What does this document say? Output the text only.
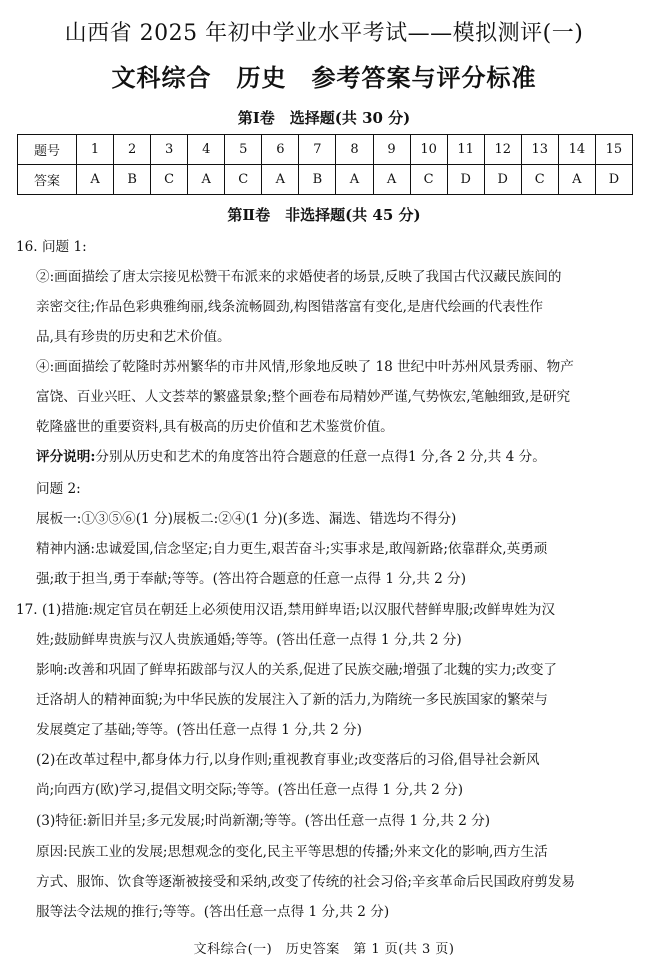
山西省 2025 年初中学业水平考试——模拟测评(一)
文科综合　历史　参考答案与评分标准
第Ⅰ卷　选择题(共 30 分)
题号	1	2	3	4	5	6	7	8	9	10	11	12	13	14	15
答案	A	B	C	A	C	A	B	A	A	C	D	D	C	A	D
第Ⅱ卷　非选择题(共 45 分)
16. 问题 1:
②:画面描绘了唐太宗接见松赞干布派来的求婚使者的场景,反映了我国古代汉藏民族间的
亲密交往;作品色彩典雅绚丽,线条流畅圆劲,构图错落富有变化,是唐代绘画的代表性作
品,具有珍贵的历史和艺术价值。
④:画面描绘了乾隆时苏州繁华的市井风情,形象地反映了 18 世纪中叶苏州风景秀丽、物产
富饶、百业兴旺、人文荟萃的繁盛景象;整个画卷布局精妙严谨,气势恢宏,笔触细致,是研究
乾隆盛世的重要资料,具有极高的历史价值和艺术鉴赏价值。
评分说明:分别从历史和艺术的角度答出符合题意的任意一点得1 分,各 2 分,共 4 分。
问题 2:
展板一:①③⑤⑥(1 分)展板二:②④(1 分)(多选、漏选、错选均不得分)
精神内涵:忠诚爱国,信念坚定;自力更生,艰苦奋斗;实事求是,敢闯新路;依靠群众,英勇顽
强;敢于担当,勇于奉献;等等。(答出符合题意的任意一点得 1 分,共 2 分)
17. (1)措施:规定官员在朝廷上必须使用汉语,禁用鲜卑语;以汉服代替鲜卑服;改鲜卑姓为汉
姓;鼓励鲜卑贵族与汉人贵族通婚;等等。(答出任意一点得 1 分,共 2 分)
影响:改善和巩固了鲜卑拓跋部与汉人的关系,促进了民族交融;增强了北魏的实力;改变了
迁洛胡人的精神面貌;为中华民族的发展注入了新的活力,为隋统一多民族国家的繁荣与
发展奠定了基础;等等。(答出任意一点得 1 分,共 2 分)
(2)在改革过程中,都身体力行,以身作则;重视教育事业;改变落后的习俗,倡导社会新风
尚;向西方(欧)学习,提倡文明交际;等等。(答出任意一点得 1 分,共 2 分)
(3)特征:新旧并呈;多元发展;时尚新潮;等等。(答出任意一点得 1 分,共 2 分)
原因:民族工业的发展;思想观念的变化,民主平等思想的传播;外来文化的影响,西方生活
方式、服饰、饮食等逐渐被接受和采纳,改变了传统的社会习俗;辛亥革命后民国政府剪发易
服等法令法规的推行;等等。(答出任意一点得 1 分,共 2 分)
文科综合(一)　历史答案　第 1 页(共 3 页)
